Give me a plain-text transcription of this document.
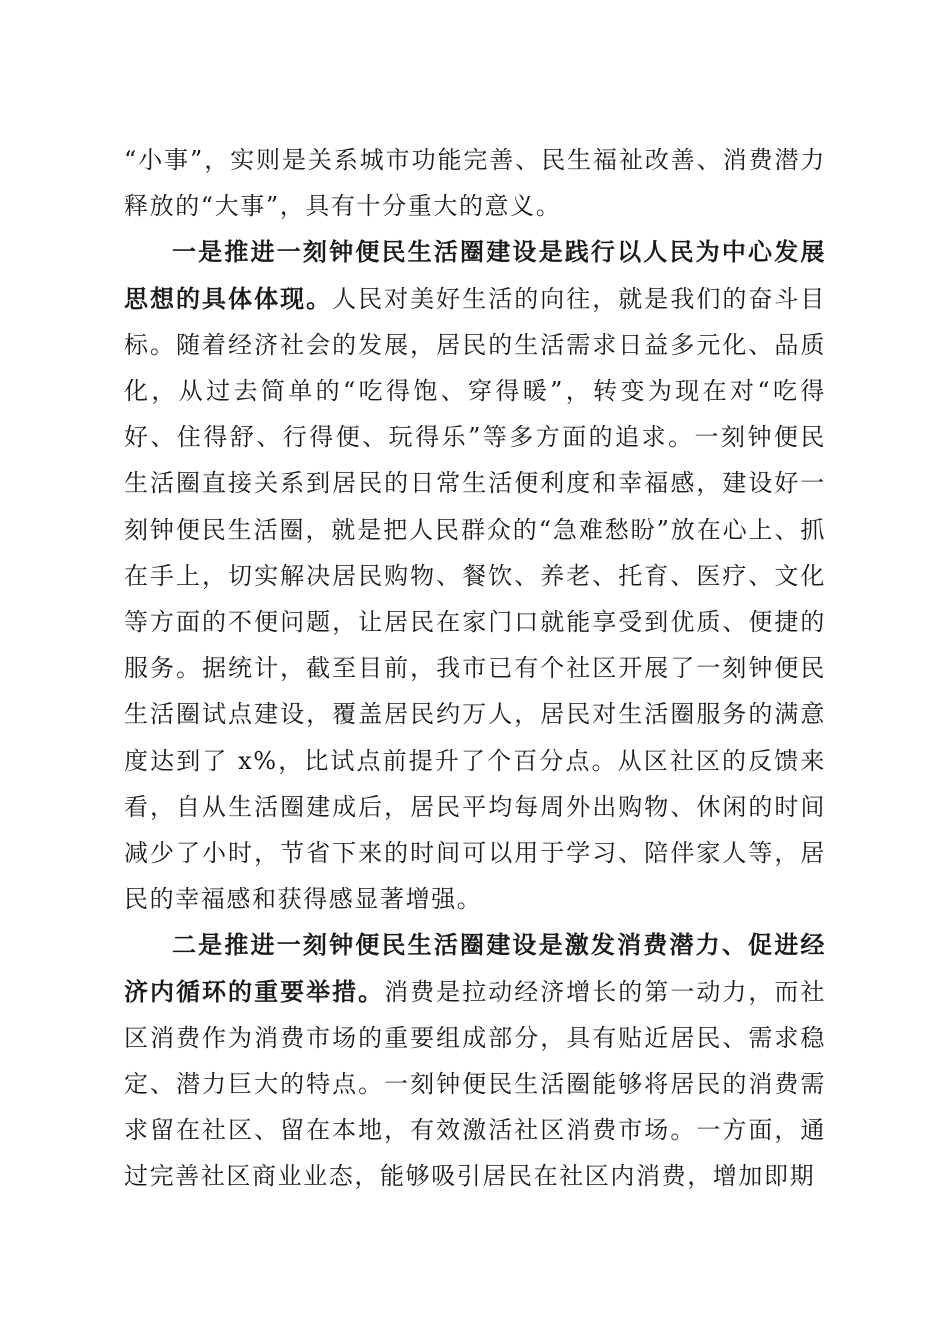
“小事”，实则是关系城市功能完善、民生福祉改善、消费潜力释放的“大事”，具有十分重大的意义。

一是推进一刻钟便民生活圈建设是践行以人民为中心发展思想的具体体现。人民对美好生活的向往，就是我们的奋斗目标。随着经济社会的发展，居民的生活需求日益多元化、品质化，从过去简单的“吃得饱、穿得暖”，转变为现在对“吃得好、住得舒、行得便、玩得乐”等多方面的追求。一刻钟便民生活圈直接关系到居民的日常生活便利度和幸福感，建设好一刻钟便民生活圈，就是把人民群众的“急难愁盼”放在心上、抓在手上，切实解决居民购物、餐饮、养老、托育、医疗、文化等方面的不便问题，让居民在家门口就能享受到优质、便捷的服务。据统计，截至目前，我市已有个社区开展了一刻钟便民生活圈试点建设，覆盖居民约万人，居民对生活圈服务的满意度达到了 x%，比试点前提升了个百分点。从区社区的反馈来看，自从生活圈建成后，居民平均每周外出购物、休闲的时间减少了小时，节省下来的时间可以用于学习、陪伴家人等，居民的幸福感和获得感显著增强。

二是推进一刻钟便民生活圈建设是激发消费潜力、促进经济内循环的重要举措。消费是拉动经济增长的第一动力，而社区消费作为消费市场的重要组成部分，具有贴近居民、需求稳定、潜力巨大的特点。一刻钟便民生活圈能够将居民的消费需求留在社区、留在本地，有效激活社区消费市场。一方面，通过完善社区商业业态，能够吸引居民在社区内消费，增加即期
